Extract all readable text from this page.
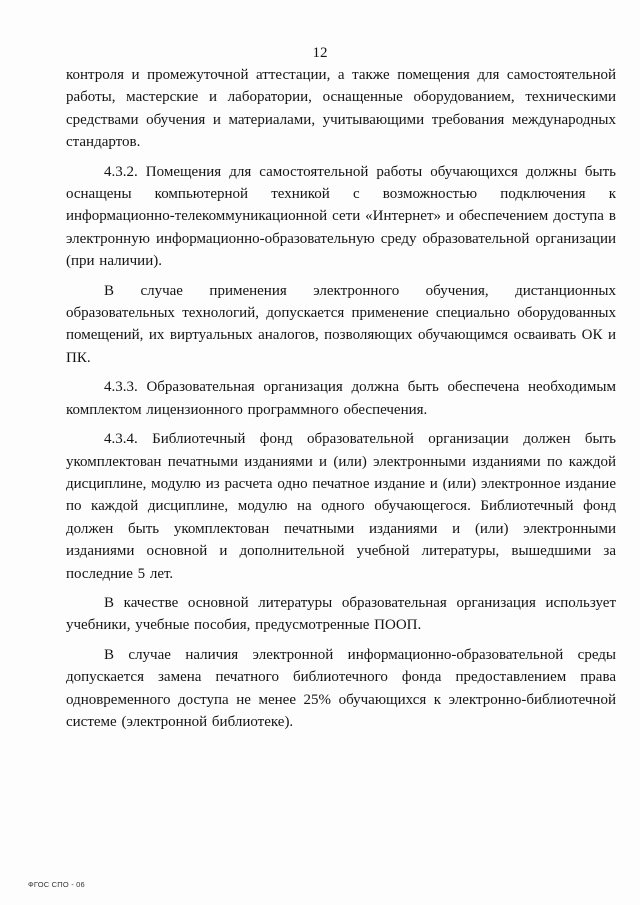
12

контроля и промежуточной аттестации, а также помещения для самостоятельной работы, мастерские и лаборатории, оснащенные оборудованием, техническими средствами обучения и материалами, учитывающими требования международных стандартов.

4.3.2. Помещения для самостоятельной работы обучающихся должны быть оснащены компьютерной техникой с возможностью подключения к информационно-телекоммуникационной сети «Интернет» и обеспечением доступа в электронную информационно-образовательную среду образовательной организации (при наличии).

В случае применения электронного обучения, дистанционных образовательных технологий, допускается применение специально оборудованных помещений, их виртуальных аналогов, позволяющих обучающимся осваивать ОК и ПК.

4.3.3. Образовательная организация должна быть обеспечена необходимым комплектом лицензионного программного обеспечения.

4.3.4. Библиотечный фонд образовательной организации должен быть укомплектован печатными изданиями и (или) электронными изданиями по каждой дисциплине, модулю из расчета одно печатное издание и (или) электронное издание по каждой дисциплине, модулю на одного обучающегося. Библиотечный фонд должен быть укомплектован печатными изданиями и (или) электронными изданиями основной и дополнительной учебной литературы, вышедшими за последние 5 лет.

В качестве основной литературы образовательная организация использует учебники, учебные пособия, предусмотренные ПООП.

В случае наличия электронной информационно-образовательной среды допускается замена печатного библиотечного фонда предоставлением права одновременного доступа не менее 25% обучающихся к электронно-библиотечной системе (электронной библиотеке).

ФГОС СПО - 06
